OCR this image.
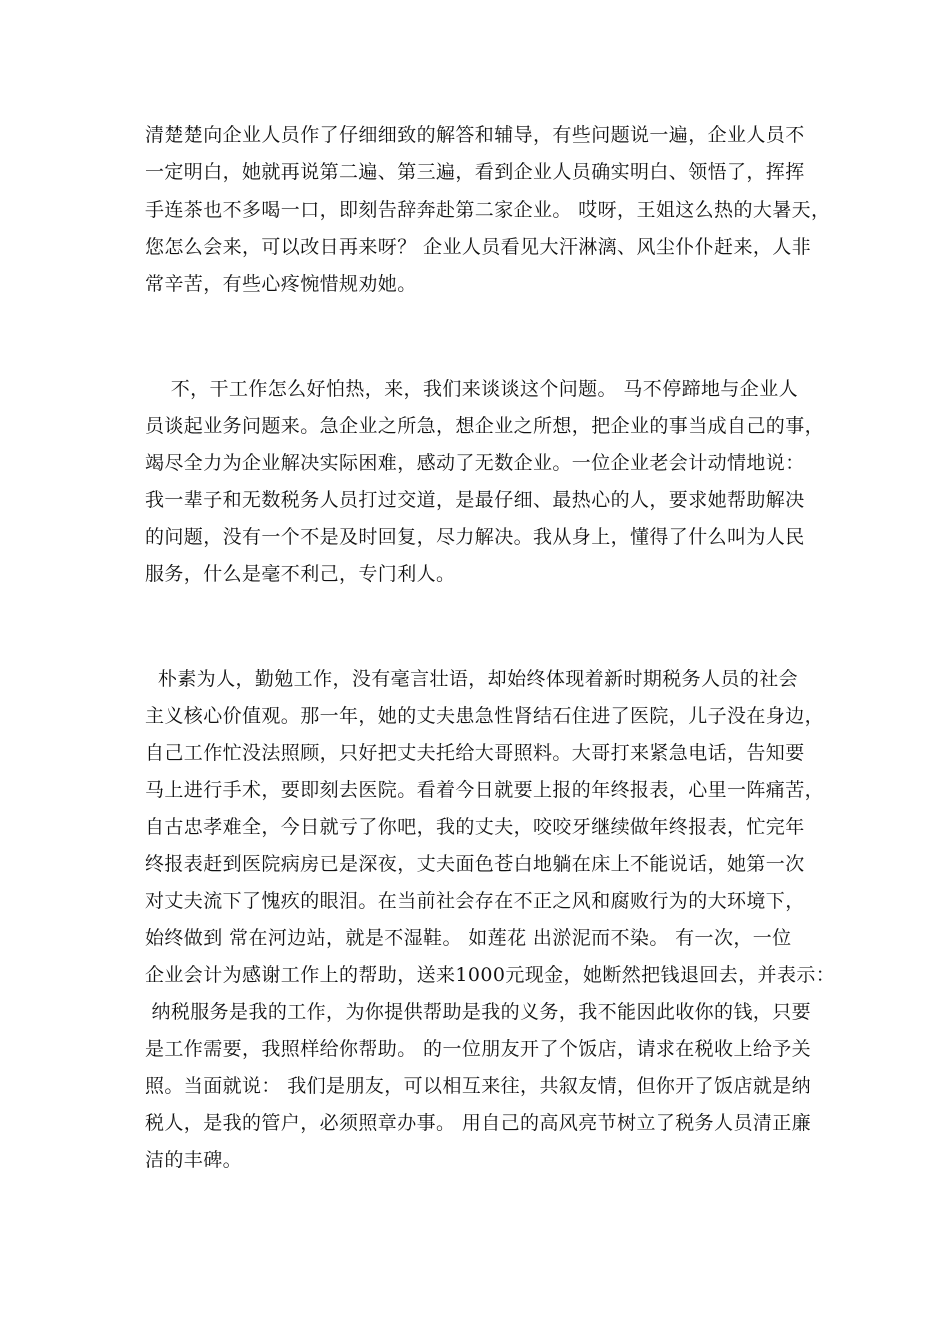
清楚楚向企业人员作了仔细细致的解答和辅导，有些问题说一遍，企业人员不
一定明白，她就再说第二遍、第三遍，看到企业人员确实明白、领悟了，挥挥
手连茶也不多喝一口，即刻告辞奔赴第二家企业。 哎呀，王姐这么热的大暑天，
您怎么会来，可以改日再来呀？ 企业人员看见大汗淋漓、风尘仆仆赶来，人非
常辛苦，有些心疼惋惜规劝她。
不，干工作怎么好怕热，来，我们来谈谈这个问题。 马不停蹄地与企业人
员谈起业务问题来。急企业之所急，想企业之所想，把企业的事当成自己的事，
竭尽全力为企业解决实际困难，感动了无数企业。一位企业老会计动情地说：
我一辈子和无数税务人员打过交道，是最仔细、最热心的人，要求她帮助解决
的问题，没有一个不是及时回复，尽力解决。我从身上，懂得了什么叫为人民
服务，什么是毫不利己，专门利人。
朴素为人，勤勉工作，没有毫言壮语，却始终体现着新时期税务人员的社会
主义核心价值观。那一年，她的丈夫患急性肾结石住进了医院，儿子没在身边，
自己工作忙没法照顾，只好把丈夫托给大哥照料。大哥打来紧急电话，告知要
马上进行手术，要即刻去医院。看着今日就要上报的年终报表，心里一阵痛苦，
自古忠孝难全，今日就亏了你吧，我的丈夫，咬咬牙继续做年终报表，忙完年
终报表赶到医院病房已是深夜，丈夫面色苍白地躺在床上不能说话，她第一次
对丈夫流下了愧疚的眼泪。在当前社会存在不正之风和腐败行为的大环境下，
始终做到 常在河边站，就是不湿鞋。 如莲花 出淤泥而不染。 有一次，一位
企业会计为感谢工作上的帮助，送来1000元现金，她断然把钱退回去，并表示：
纳税服务是我的工作，为你提供帮助是我的义务，我不能因此收你的钱，只要
是工作需要，我照样给你帮助。 的一位朋友开了个饭店，请求在税收上给予关
照。当面就说： 我们是朋友，可以相互来往，共叙友情，但你开了饭店就是纳
税人，是我的管户，必须照章办事。 用自己的高风亮节树立了税务人员清正廉
洁的丰碑。
